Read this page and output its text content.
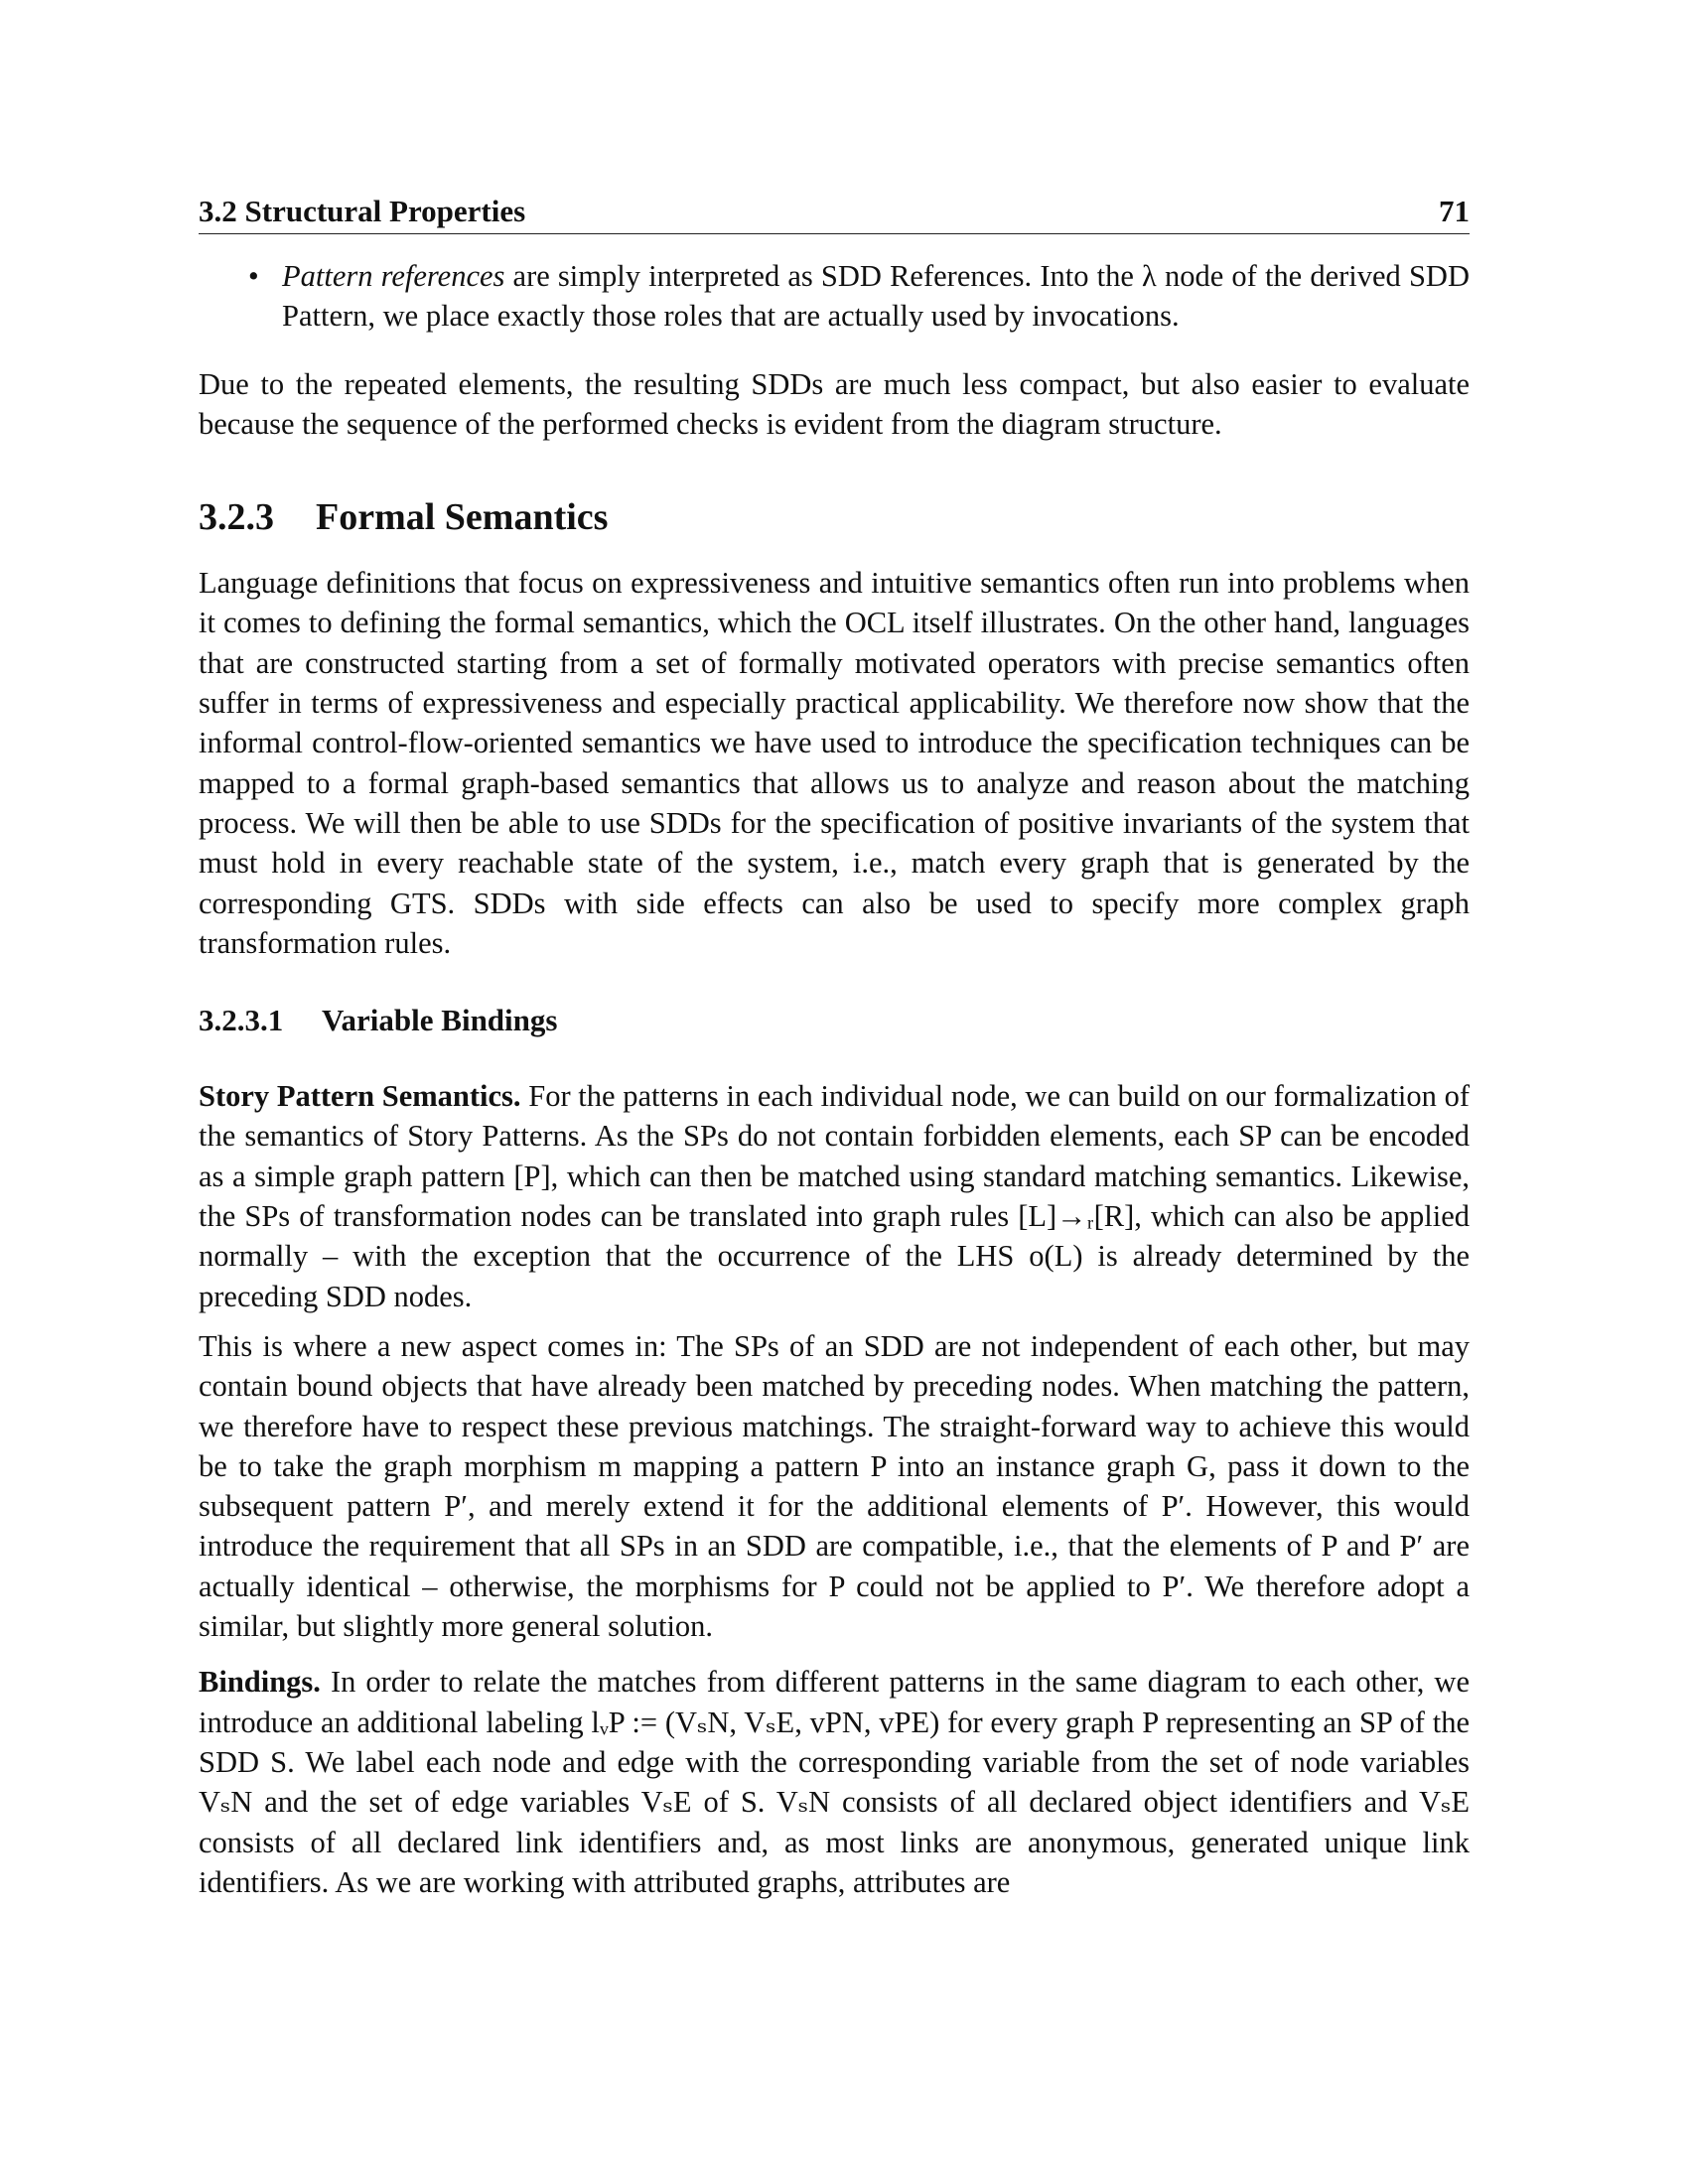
3.2 Structural Properties	71
• Pattern references are simply interpreted as SDD References. Into the λ node of the derived SDD Pattern, we place exactly those roles that are actually used by invocations.

Due to the repeated elements, the resulting SDDs are much less compact, but also easier to evaluate because the sequence of the performed checks is evident from the diagram structure.

3.2.3 Formal Semantics

Language definitions that focus on expressiveness and intuitive semantics often run into problems when it comes to defining the formal semantics, which the OCL itself illustrates. On the other hand, languages that are constructed starting from a set of formally motivated operators with precise semantics often suffer in terms of expressiveness and especially practical applicability. We therefore now show that the informal control-flow-oriented semantics we have used to introduce the specification techniques can be mapped to a formal graph-based semantics that allows us to analyze and reason about the matching process. We will then be able to use SDDs for the specification of positive invariants of the system that must hold in every reachable state of the system, i.e., match every graph that is generated by the corresponding GTS. SDDs with side effects can also be used to specify more complex graph transformation rules.

3.2.3.1 Variable Bindings

Story Pattern Semantics. For the patterns in each individual node, we can build on our formalization of the semantics of Story Patterns. As the SPs do not contain forbidden elements, each SP can be encoded as a simple graph pattern [P], which can then be matched using standard matching semantics. Likewise, the SPs of transformation nodes can be translated into graph rules [L]→ᵣ[R], which can also be applied normally – with the exception that the occurrence of the LHS o(L) is already determined by the preceding SDD nodes.

This is where a new aspect comes in: The SPs of an SDD are not independent of each other, but may contain bound objects that have already been matched by preceding nodes. When matching the pattern, we therefore have to respect these previous matchings. The straight-forward way to achieve this would be to take the graph morphism m mapping a pattern P into an instance graph G, pass it down to the subsequent pattern P′, and merely extend it for the additional elements of P′. However, this would introduce the requirement that all SPs in an SDD are compatible, i.e., that the elements of P and P′ are actually identical – otherwise, the morphisms for P could not be applied to P′. We therefore adopt a similar, but slightly more general solution.

Bindings. In order to relate the matches from different patterns in the same diagram to each other, we introduce an additional labeling lᵥP := (VₛN, VₛE, vPN, vPE) for every graph P representing an SP of the SDD S. We label each node and edge with the corresponding variable from the set of node variables VₛN and the set of edge variables VₛE of S. VₛN consists of all declared object identifiers and VₛE consists of all declared link identifiers and, as most links are anonymous, generated unique link identifiers. As we are working with attributed graphs, attributes are
